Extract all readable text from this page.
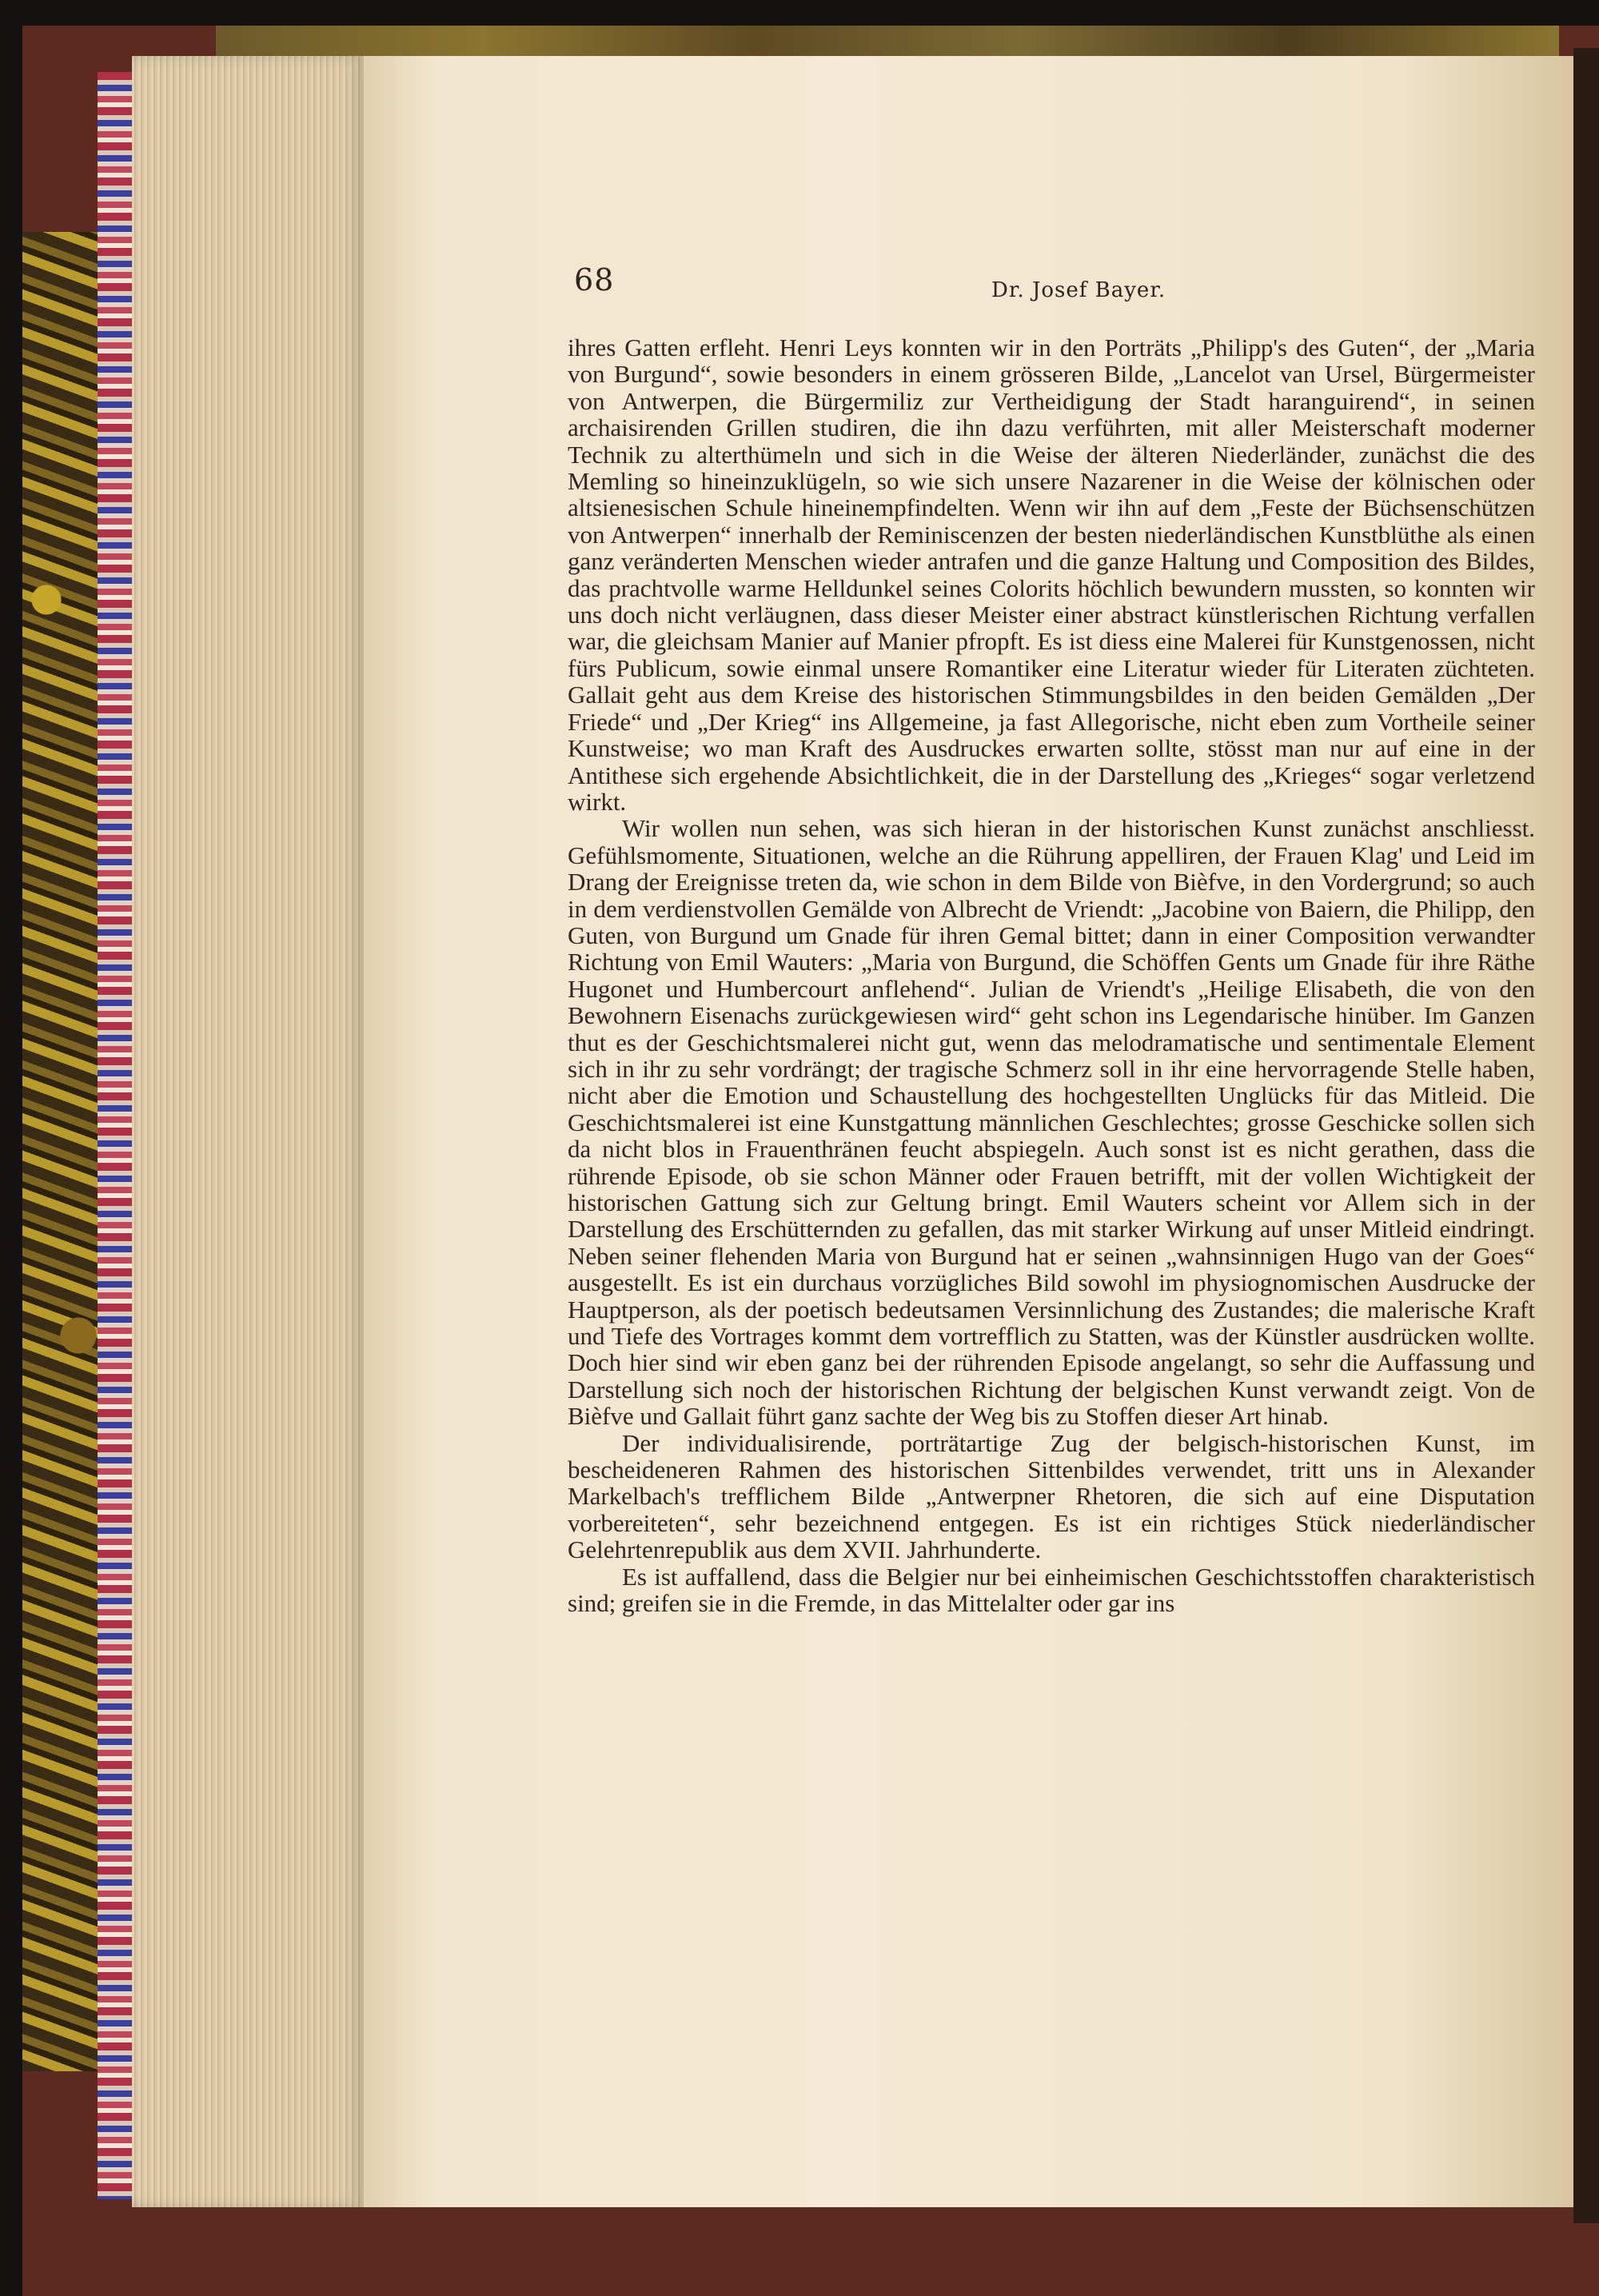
68	Dr. Josef Bayer.

ihres Gatten erfleht. Henri Leys konnten wir in den Porträts „Philipp's des Guten“, der „Maria von Burgund“, sowie besonders in einem grösseren Bilde, „Lancelot van Ursel, Bürgermeister von Antwerpen, die Bürgermiliz zur Vertheidigung der Stadt haranguirend“, in seinen archaisirenden Grillen studiren, die ihn dazu verführten, mit aller Meisterschaft moderner Technik zu alterthümeln und sich in die Weise der älteren Niederländer, zunächst die des Memling so hineinzuklügeln, so wie sich unsere Nazarener in die Weise der kölnischen oder altsienesischen Schule hineinempfindelten. Wenn wir ihn auf dem „Feste der Büchsenschützen von Antwerpen“ innerhalb der Reminiscenzen der besten niederländischen Kunstblüthe als einen ganz veränderten Menschen wieder antrafen und die ganze Haltung und Composition des Bildes, das prachtvolle warme Helldunkel seines Colorits höchlich bewundern mussten, so konnten wir uns doch nicht verläugnen, dass dieser Meister einer abstract künstlerischen Richtung verfallen war, die gleichsam Manier auf Manier pfropft. Es ist diess eine Malerei für Kunstgenossen, nicht fürs Publicum, sowie einmal unsere Romantiker eine Literatur wieder für Literaten züchteten. Gallait geht aus dem Kreise des historischen Stimmungsbildes in den beiden Gemälden „Der Friede“ und „Der Krieg“ ins Allgemeine, ja fast Allegorische, nicht eben zum Vortheile seiner Kunstweise; wo man Kraft des Ausdruckes erwarten sollte, stösst man nur auf eine in der Antithese sich ergehende Absichtlichkeit, die in der Darstellung des „Krieges“ sogar verletzend wirkt.

Wir wollen nun sehen, was sich hieran in der historischen Kunst zunächst anschliesst. Gefühlsmomente, Situationen, welche an die Rührung appelliren, der Frauen Klag' und Leid im Drang der Ereignisse treten da, wie schon in dem Bilde von Bièfve, in den Vordergrund; so auch in dem verdienstvollen Gemälde von Albrecht de Vriendt: „Jacobine von Baiern, die Philipp, den Guten, von Burgund um Gnade für ihren Gemal bittet; dann in einer Composition verwandter Richtung von Emil Wauters: „Maria von Burgund, die Schöffen Gents um Gnade für ihre Räthe Hugonet und Humbercourt anflehend“. Julian de Vriendt's „Heilige Elisabeth, die von den Bewohnern Eisenachs zurückgewiesen wird“ geht schon ins Legendarische hinüber. Im Ganzen thut es der Geschichtsmalerei nicht gut, wenn das melodramatische und sentimentale Element sich in ihr zu sehr vordrängt; der tragische Schmerz soll in ihr eine hervorragende Stelle haben, nicht aber die Emotion und Schaustellung des hochgestellten Unglücks für das Mitleid. Die Geschichtsmalerei ist eine Kunstgattung männlichen Geschlechtes; grosse Geschicke sollen sich da nicht blos in Frauenthränen feucht abspiegeln. Auch sonst ist es nicht gerathen, dass die rührende Episode, ob sie schon Männer oder Frauen betrifft, mit der vollen Wichtigkeit der historischen Gattung sich zur Geltung bringt. Emil Wauters scheint vor Allem sich in der Darstellung des Erschütternden zu gefallen, das mit starker Wirkung auf unser Mitleid eindringt. Neben seiner flehenden Maria von Burgund hat er seinen „wahnsinnigen Hugo van der Goes“ ausgestellt. Es ist ein durchaus vorzügliches Bild sowohl im physiognomischen Ausdrucke der Hauptperson, als der poetisch bedeutsamen Versinnlichung des Zustandes; die malerische Kraft und Tiefe des Vortrages kommt dem vortrefflich zu Statten, was der Künstler ausdrücken wollte. Doch hier sind wir eben ganz bei der rührenden Episode angelangt, so sehr die Auffassung und Darstellung sich noch der historischen Richtung der belgischen Kunst verwandt zeigt. Von de Bièfve und Gallait führt ganz sachte der Weg bis zu Stoffen dieser Art hinab.

Der individualisirende, porträtartige Zug der belgisch-historischen Kunst, im bescheideneren Rahmen des historischen Sittenbildes verwendet, tritt uns in Alexander Markelbach's trefflichem Bilde „Antwerpner Rhetoren, die sich auf eine Disputation vorbereiteten“, sehr bezeichnend entgegen. Es ist ein richtiges Stück niederländischer Gelehrtenrepublik aus dem XVII. Jahrhunderte.

Es ist auffallend, dass die Belgier nur bei einheimischen Geschichtsstoffen charakteristisch sind; greifen sie in die Fremde, in das Mittelalter oder gar ins
